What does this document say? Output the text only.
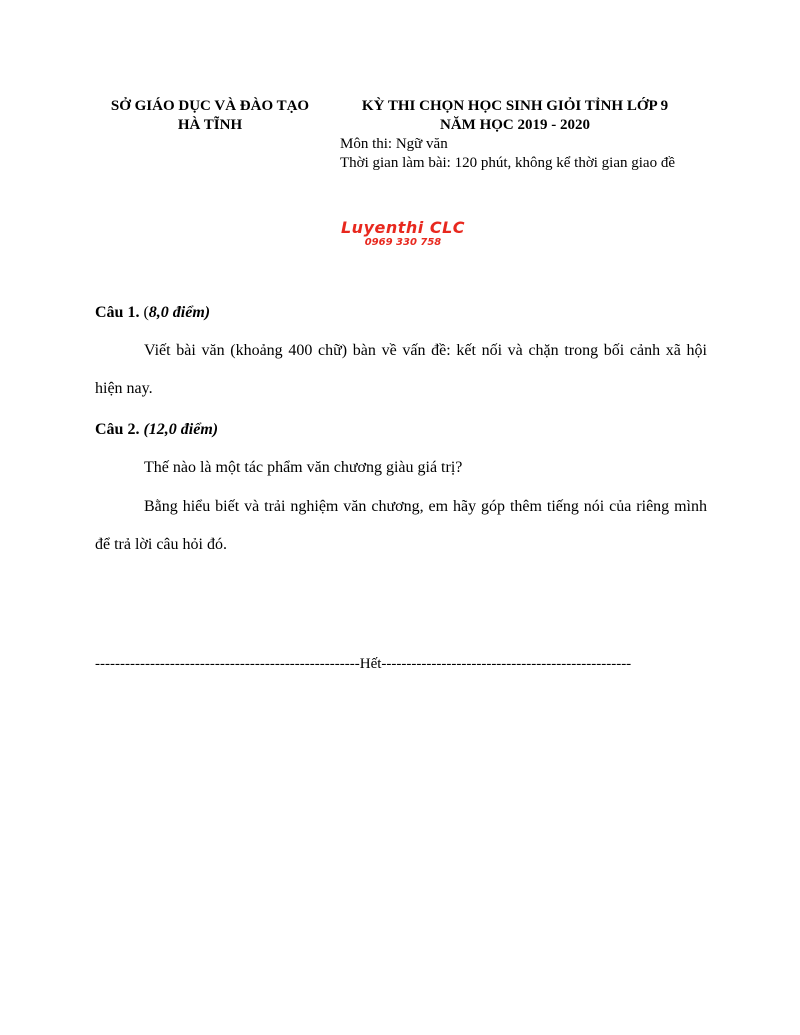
SỞ GIÁO DỤC VÀ ĐÀO TẠO
HÀ TĨNH
KỲ THI CHỌN HỌC SINH GIỎI TỈNH LỚP 9
NĂM HỌC 2019 - 2020
Môn thi: Ngữ văn
Thời gian làm bài: 120 phút, không kể thời gian giao đề
Luyenthi CLC
0969 330 758
Câu 1. (8,0 điểm)

Viết bài văn (khoảng 400 chữ) bàn về vấn đề: kết nối và chặn trong bối cảnh xã hội hiện nay.

Câu 2. (12,0 điểm)

Thế nào là một tác phẩm văn chương giàu giá trị?

Bằng hiểu biết và trải nghiệm văn chương, em hãy góp thêm tiếng nói của riêng mình để trả lời câu hỏi đó.

-----------------------------------------------------Hết--------------------------------------------------
